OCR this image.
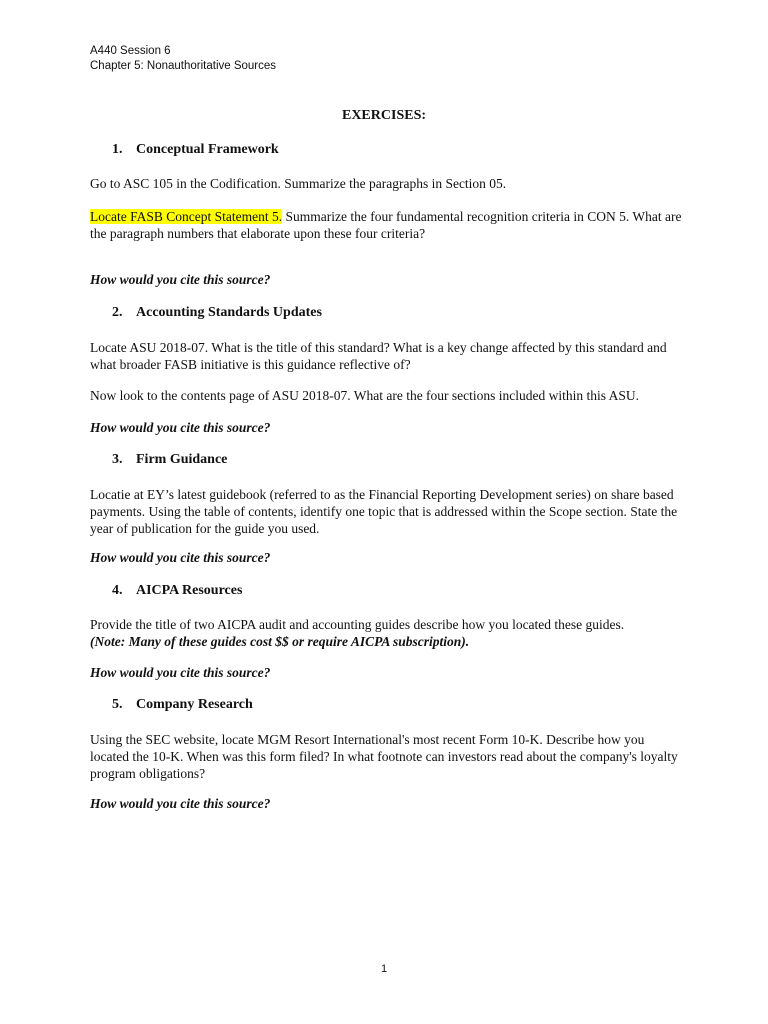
A440 Session 6
Chapter 5: Nonauthoritative Sources
EXERCISES:
1. Conceptual Framework
Go to ASC 105 in the Codification. Summarize the paragraphs in Section 05.
Locate FASB Concept Statement 5. Summarize the four fundamental recognition criteria in CON 5. What are the paragraph numbers that elaborate upon these four criteria?
How would you cite this source?
2. Accounting Standards Updates
Locate ASU 2018-07. What is the title of this standard? What is a key change affected by this standard and what broader FASB initiative is this guidance reflective of?
Now look to the contents page of ASU 2018-07. What are the four sections included within this ASU.
How would you cite this source?
3. Firm Guidance
Locatie at EY’s latest guidebook (referred to as the Financial Reporting Development series) on share based payments. Using the table of contents, identify one topic that is addressed within the Scope section. State the year of publication for the guide you used.
How would you cite this source?
4. AICPA Resources
Provide the title of two AICPA audit and accounting guides describe how you located these guides.
(Note: Many of these guides cost $$ or require AICPA subscription).
How would you cite this source?
5. Company Research
Using the SEC website, locate MGM Resort International's most recent Form 10-K. Describe how you located the 10-K. When was this form filed? In what footnote can investors read about the company's loyalty program obligations?
How would you cite this source?
1
